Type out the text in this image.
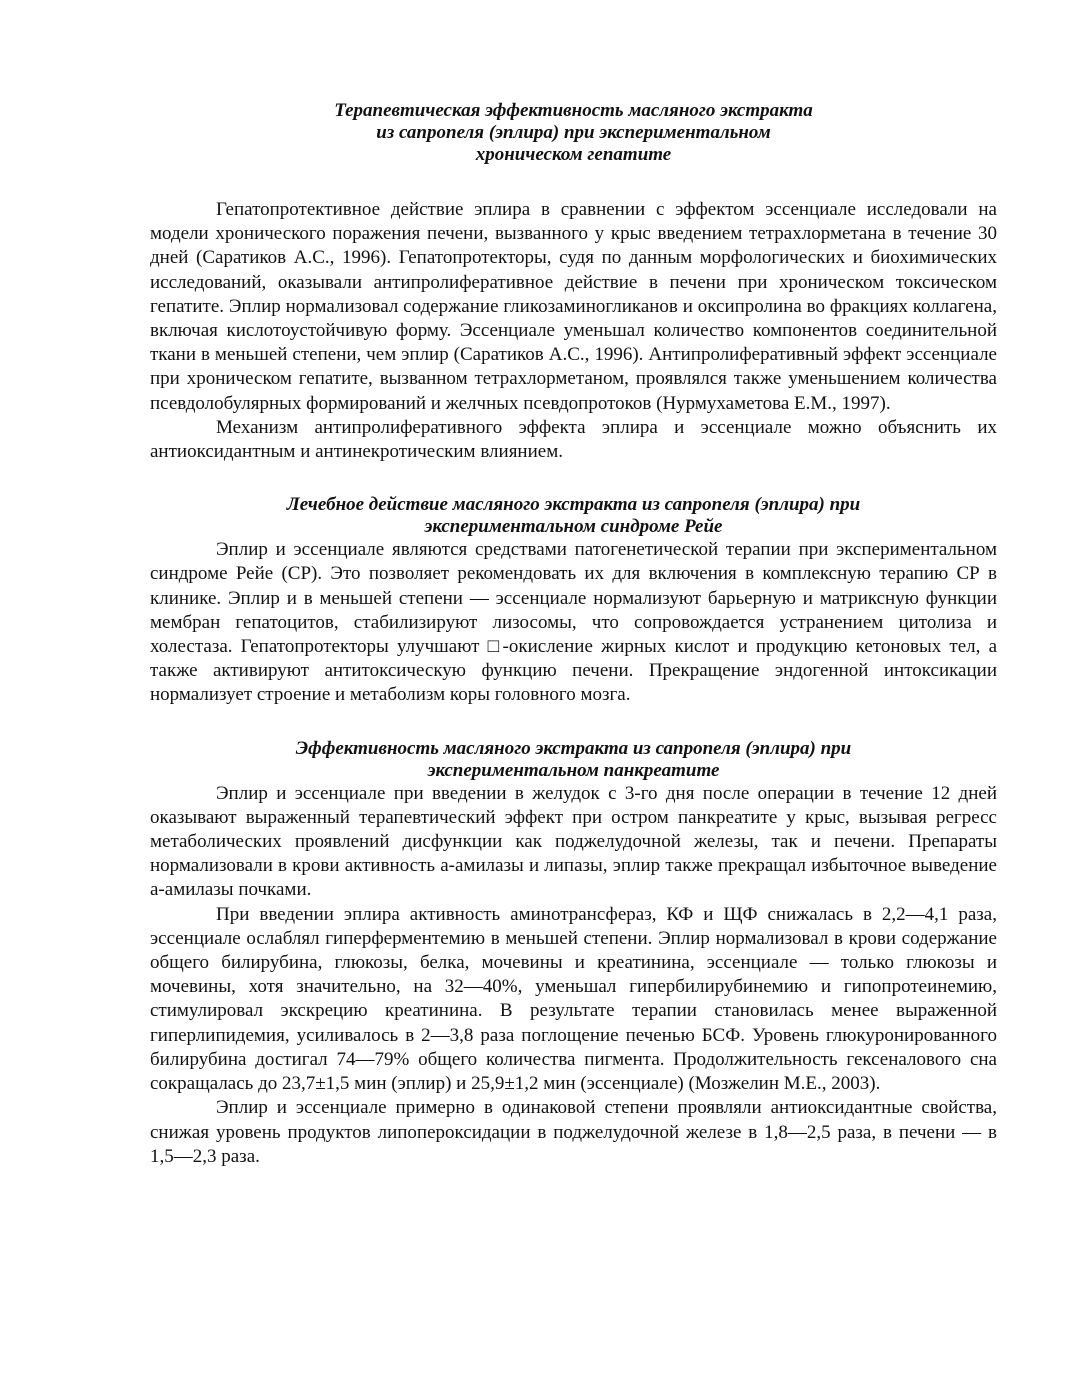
Терапевтическая эффективность масляного экстракта
из сапропеля (эплира) при экспериментальном
хроническом гепатите

Гепатопротективное действие эплира в сравнении с эффектом эссенциале исследовали на модели хронического поражения печени, вызванного у крыс введением тетрахлорметана в течение 30 дней (Саратиков А.С., 1996). Гепатопротекторы, судя по данным морфологических и биохимических исследований, оказывали антипролиферативное действие в печени при хроническом токсическом гепатите. Эплир нормализовал содержание гликозаминогликанов и оксипролина во фракциях коллагена, включая кислотоустойчивую форму. Эссенциале уменьшал количество компонентов соединительной ткани в меньшей степени, чем эплир (Саратиков А.С., 1996). Антипролиферативный эффект эссенциале при хроническом гепатите, вызванном тетрахлорметаном, проявлялся также уменьшением количества псевдолобулярных формирований и желчных псевдопротоков (Нурмухаметова Е.М., 1997).

Механизм антипролиферативного эффекта эплира и эссенциале можно объяснить их антиоксидантным и антинекротическим влиянием.

Лечебное действие масляного экстракта из сапропеля (эплира) при
экспериментальном синдроме Рейе

Эплир и эссенциале являются средствами патогенетической терапии при экспериментальном синдроме Рейе (СР). Это позволяет рекомендовать их для включения в комплексную терапию СР в клинике. Эплир и в меньшей степени — эссенциале нормализуют барьерную и матриксную функции мембран гепатоцитов, стабилизируют лизосомы, что сопровождается устранением цитолиза и холестаза. Гепатопротекторы улучшают □-окисление жирных кислот и продукцию кетоновых тел, а также активируют антитоксическую функцию печени. Прекращение эндогенной интоксикации нормализует строение и метаболизм коры головного мозга.

Эффективность масляного экстракта из сапропеля (эплира) при
экспериментальном панкреатите

Эплир и эссенциале при введении в желудок с 3-го дня после операции в течение 12 дней оказывают выраженный терапевтический эффект при остром панкреатите у крыс, вызывая регресс метаболических проявлений дисфункции как поджелудочной железы, так и печени. Препараты нормализовали в крови активность а-амилазы и липазы, эплир также прекращал избыточное выведение а-амилазы почками.

При введении эплира активность аминотрансфераз, КФ и ЩФ снижалась в 2,2—4,1 раза, эссенциале ослаблял гиперферментемию в меньшей степени. Эплир нормализовал в крови содержание общего билирубина, глюкозы, белка, мочевины и креатинина, эссенциале — только глюкозы и мочевины, хотя значительно, на 32—40%, уменьшал гипербилирубинемию и гипопротеинемию, стимулировал экскрецию креатинина. В результате терапии становилась менее выраженной гиперлипидемия, усиливалось в 2—3,8 раза поглощение печенью БСФ. Уровень глюкуронированного билирубина достигал 74—79% общего количества пигмента. Продолжительность гексеналового сна сокращалась до 23,7±1,5 мин (эплир) и 25,9±1,2 мин (эссенциале) (Мозжелин М.Е., 2003).

Эплир и эссенциале примерно в одинаковой степени проявляли антиоксидантные свойства, снижая уровень продуктов липопероксидации в поджелудочной железе в 1,8—2,5 раза, в печени — в 1,5—2,3 раза.
